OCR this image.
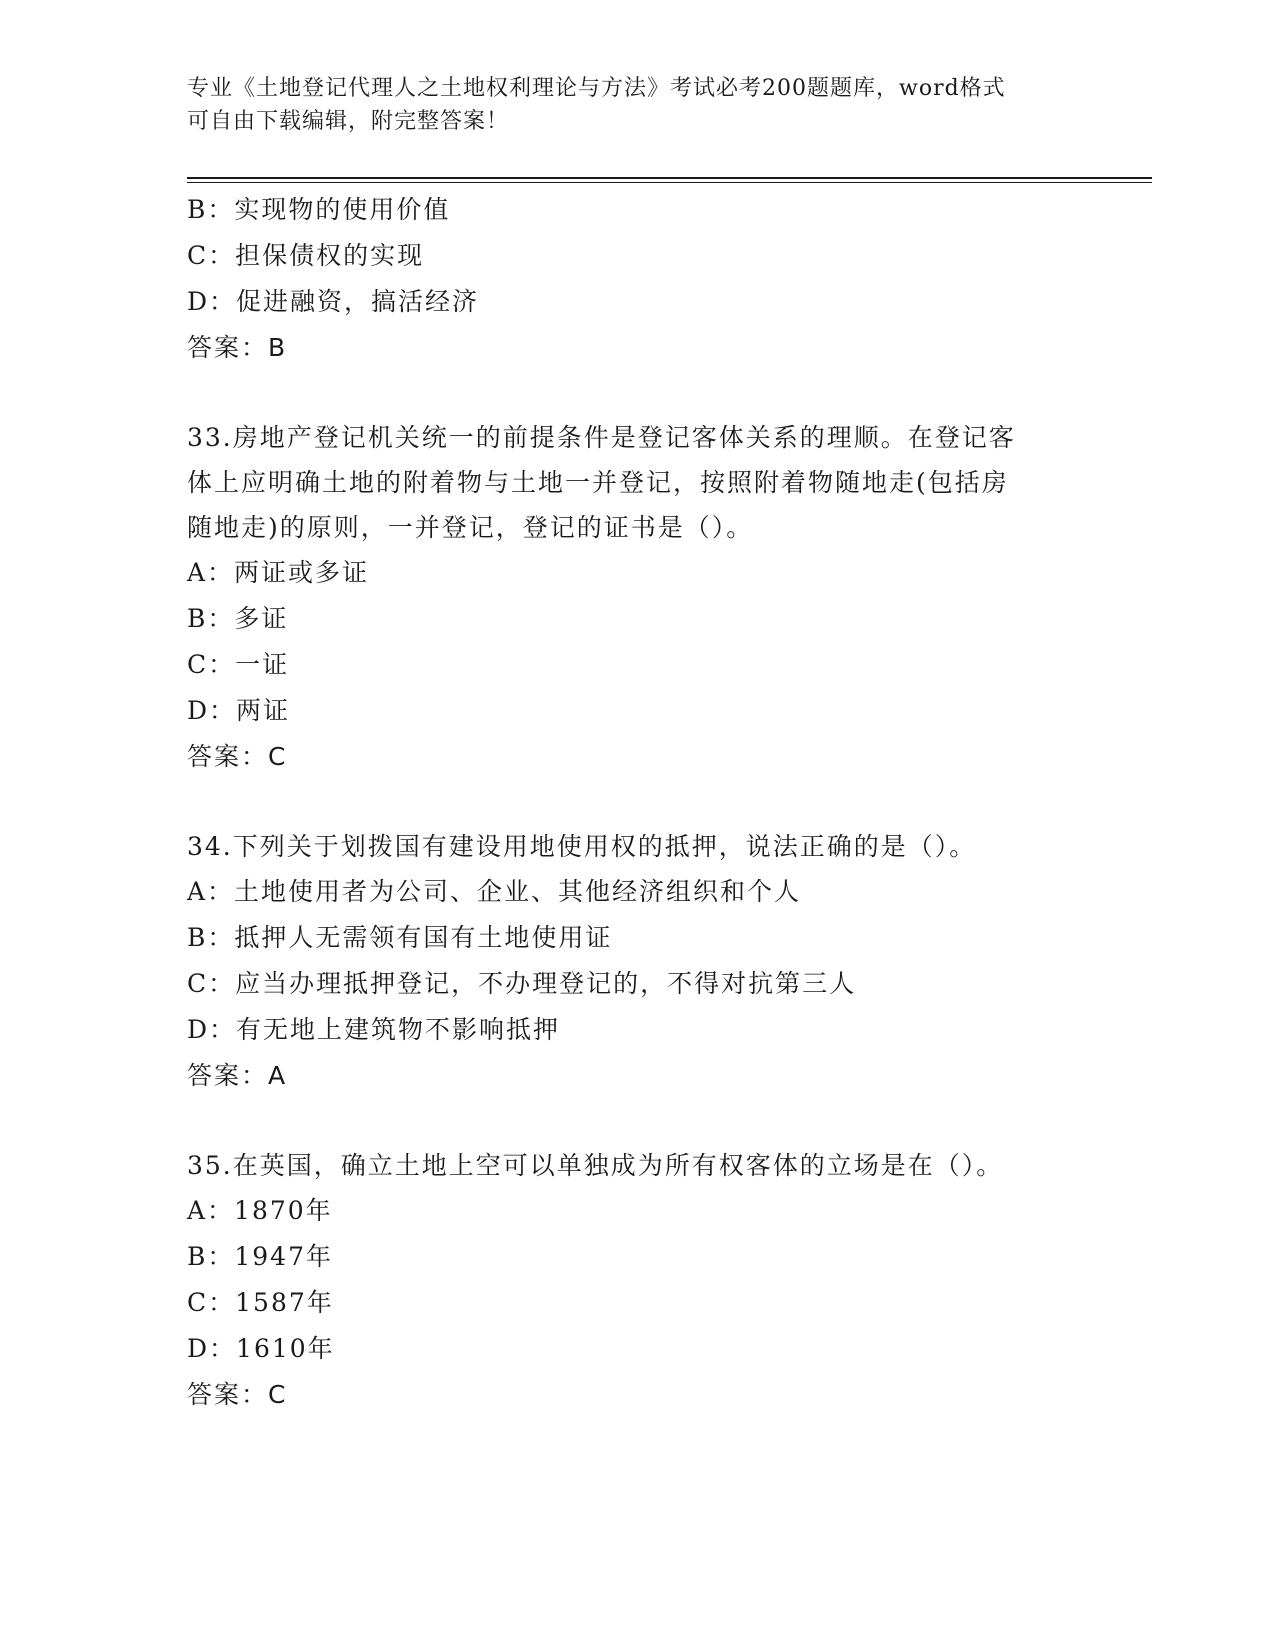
专业《土地登记代理人之土地权利理论与方法》考试必考200题题库，word格式
可自由下载编辑，附完整答案！
B：实现物的使用价值
C：担保债权的实现
D：促进融资，搞活经济
答案：B
33.房地产登记机关统一的前提条件是登记客体关系的理顺。在登记客
体上应明确土地的附着物与土地一并登记，按照附着物随地走(包括房
随地走)的原则，一并登记，登记的证书是（）。
A：两证或多证
B：多证
C：一证
D：两证
答案：C
34.下列关于划拨国有建设用地使用权的抵押，说法正确的是（）。
A：土地使用者为公司、企业、其他经济组织和个人
B：抵押人无需领有国有土地使用证
C：应当办理抵押登记，不办理登记的，不得对抗第三人
D：有无地上建筑物不影响抵押
答案：A
35.在英国，确立土地上空可以单独成为所有权客体的立场是在（）。
A：1870年
B：1947年
C：1587年
D：1610年
答案：C
